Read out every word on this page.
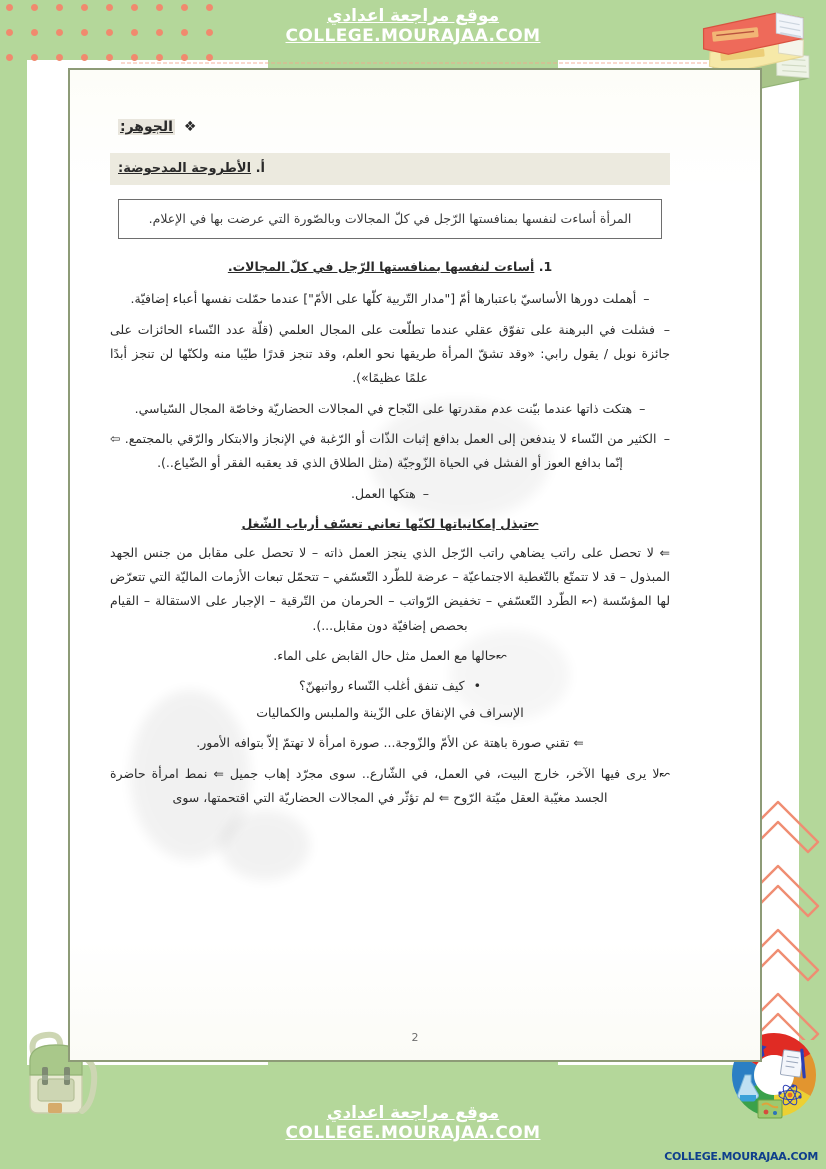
موقع مراجعة اعدادي
COLLEGE.MOURAJAA.COM
❖ الجوهر:
أ. الأطروحة المدحوضة:
المرأة أساءت لنفسها بمنافستها الرّجل في كلّ المجالات وبالصّورة التي عرضت بها في الإعلام.
1. أساءت لنفسها بمنافستها الرّجل في كلّ المجالات.

– أهملت دورها الأساسيّ باعتبارها أمّ ["مدار التّربية كلّها على الأمّ"] عندما حمّلت نفسها أعباء إضافيّة.

– فشلت في البرهنة على تفوّق عقلي عندما تطلّعت على المجال العلمي (قلّة عدد النّساء الحائزات على جائزة نوبل / يقول رابي: «وقد تشقّ المرأة طريقها نحو العلم، وقد تنجز قدرًا طيّبا منه ولكنّها لن تنجز أبدًا علمًا عظيمًا»).

– هتكت ذاتها عندما بيّنت عدم مقدرتها على النّجاح في المجالات الحضاريّة وخاصّة المجال السّياسي.

– الكثير من النّساء لا يندفعن إلى العمل بدافع إثبات الذّات أو الرّغبة في الإنجاز والابتكار والرّقي بالمجتمع. ⇦ إنّما بدافع العوز أو الفشل في الحياة الزّوجيّة (مثل الطلاق الذي قد يعقبه الفقر أو الضّياع..).

– هتكها العمل.

↜تبذل إمكانياتها لكنّها تعاني تعسّف أرباب الشّغل

⇐ لا تحصل على راتب يضاهي راتب الرّجل الذي ينجز العمل ذاته – لا تحصل على مقابل من جنس الجهد المبذول – قد لا تتمتّع بالتّغطية الاجتماعيّة – عرضة للطّرد التّعسّفي – تتحمّل تبعات الأزمات الماليّة التي تتعرّض لها المؤسّسة (↜ الطّرد التّعسّفي – تخفيض الرّواتب – الحرمان من التّرقية – الإجبار على الاستقالة – القيام بحصص إضافيّة دون مقابل...).

↜حالها مع العمل مثل حال القابض على الماء.

• كيف تنفق أغلب النّساء رواتبهنّ؟

الإسراف في الإنفاق على الزّينة والملبس والكماليات

⇐ تقني صورة باهتة عن الأمّ والزّوجة... صورة امرأة لا تهتمّ إلاّ بتوافه الأمور.

↜لا يرى فيها الآخر، خارج البيت، في العمل، في الشّارع.. سوى مجرّد إهاب جميل ⇐ نمط امرأة حاضرة الجسد مغيّبة العقل ميّتة الرّوح ⇐ لم تؤثّر في المجالات الحضاريّة التي اقتحمتها، سوى

2
موقع مراجعة اعدادي
COLLEGE.MOURAJAA.COM
COLLEGE.MOURAJAA.COM
